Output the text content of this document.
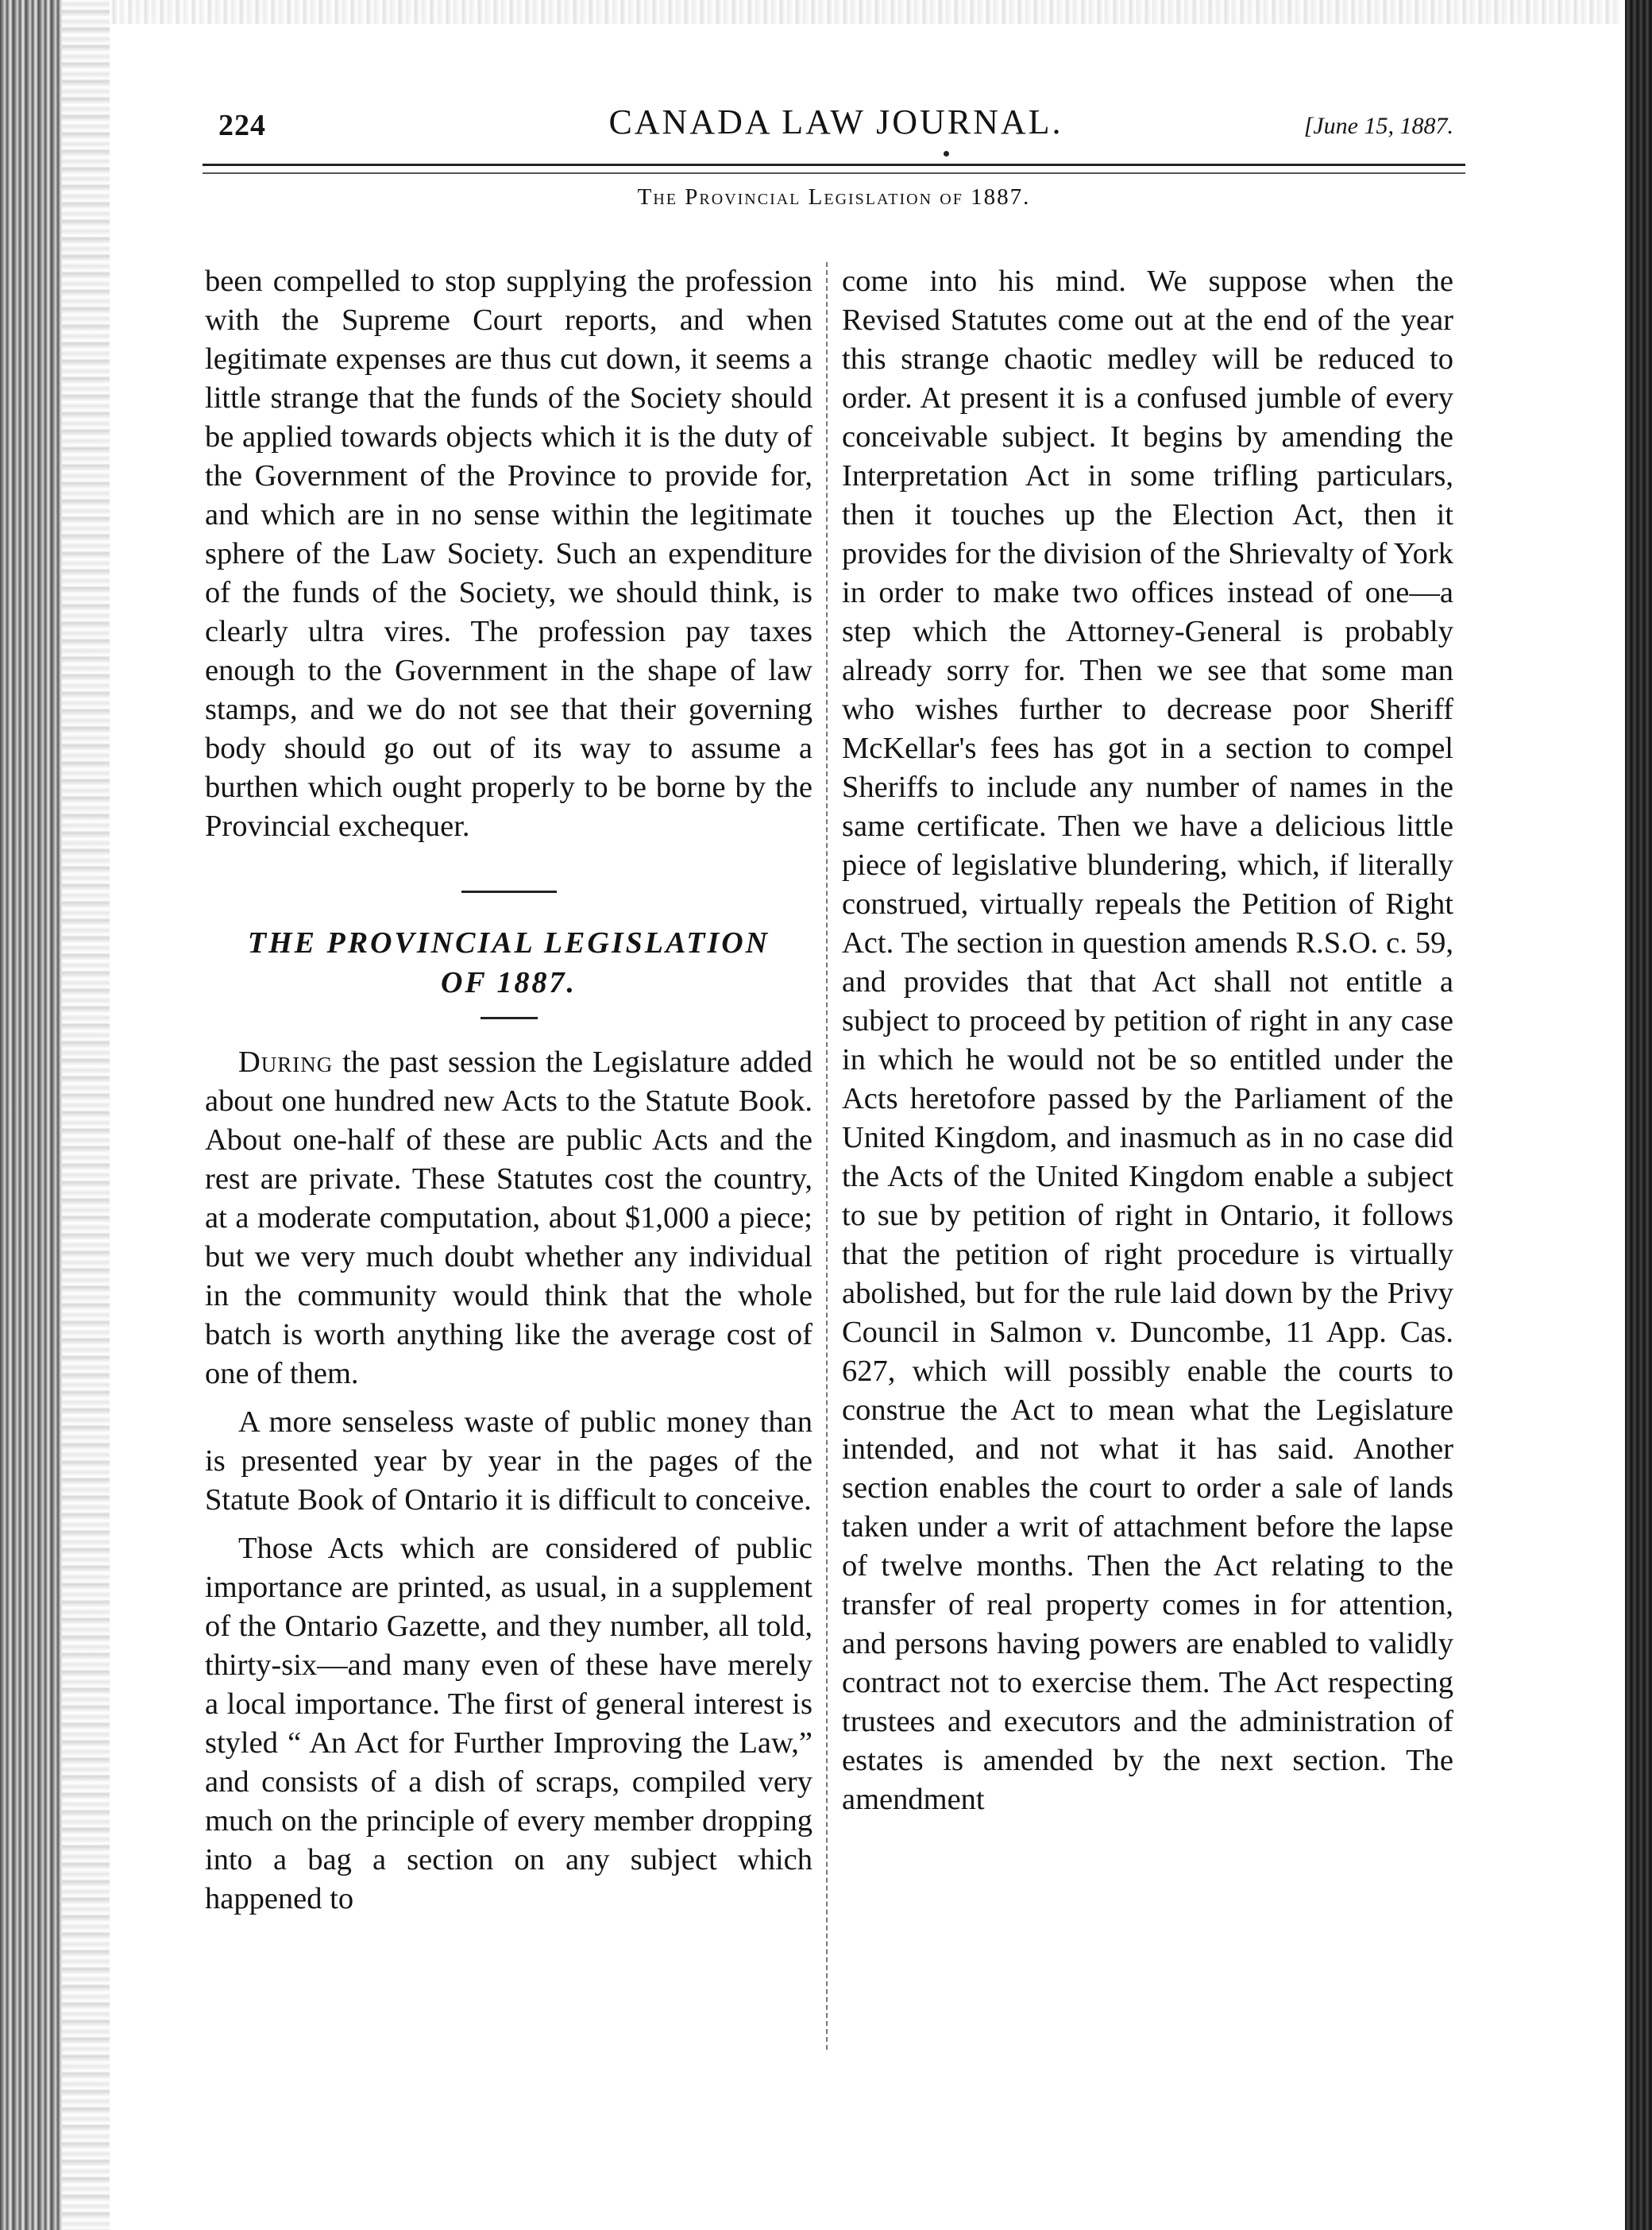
224	CANADA LAW JOURNAL.	[June 15, 1887.
The Provincial Legislation of 1887.

been compelled to stop supplying the profession with the Supreme Court reports, and when legitimate expenses are thus cut down, it seems a little strange that the funds of the Society should be applied towards objects which it is the duty of the Government of the Province to provide for, and which are in no sense within the legitimate sphere of the Law Society. Such an expenditure of the funds of the Society, we should think, is clearly ultra vires. The profession pay taxes enough to the Government in the shape of law stamps, and we do not see that their governing body should go out of its way to assume a burthen which ought properly to be borne by the Provincial exchequer.

THE PROVINCIAL LEGISLATION
OF 1887.

During the past session the Legislature added about one hundred new Acts to the Statute Book. About one-half of these are public Acts and the rest are private. These Statutes cost the country, at a moderate computation, about $1,000 a piece; but we very much doubt whether any individual in the community would think that the whole batch is worth anything like the average cost of one of them.

A more senseless waste of public money than is presented year by year in the pages of the Statute Book of Ontario it is difficult to conceive.

Those Acts which are considered of public importance are printed, as usual, in a supplement of the Ontario Gazette, and they number, all told, thirty-six—and many even of these have merely a local importance. The first of general interest is styled “ An Act for Further Improving the Law,” and consists of a dish of scraps, compiled very much on the principle of every member dropping into a bag a section on any subject which happened to

come into his mind. We suppose when the Revised Statutes come out at the end of the year this strange chaotic medley will be reduced to order. At present it is a confused jumble of every conceivable subject. It begins by amending the Interpretation Act in some trifling particulars, then it touches up the Election Act, then it provides for the division of the Shrievalty of York in order to make two offices instead of one—a step which the Attorney-General is probably already sorry for. Then we see that some man who wishes further to decrease poor Sheriff McKellar's fees has got in a section to compel Sheriffs to include any number of names in the same certificate. Then we have a delicious little piece of legislative blundering, which, if literally construed, virtually repeals the Petition of Right Act. The section in question amends R.S.O. c. 59, and provides that that Act shall not entitle a subject to proceed by petition of right in any case in which he would not be so entitled under the Acts heretofore passed by the Parliament of the United Kingdom, and inasmuch as in no case did the Acts of the United Kingdom enable a subject to sue by petition of right in Ontario, it follows that the petition of right procedure is virtually abolished, but for the rule laid down by the Privy Council in Salmon v. Duncombe, 11 App. Cas. 627, which will possibly enable the courts to construe the Act to mean what the Legislature intended, and not what it has said. Another section enables the court to order a sale of lands taken under a writ of attachment before the lapse of twelve months. Then the Act relating to the transfer of real property comes in for attention, and persons having powers are enabled to validly contract not to exercise them. The Act respecting trustees and executors and the administration of estates is amended by the next section. The amendment
